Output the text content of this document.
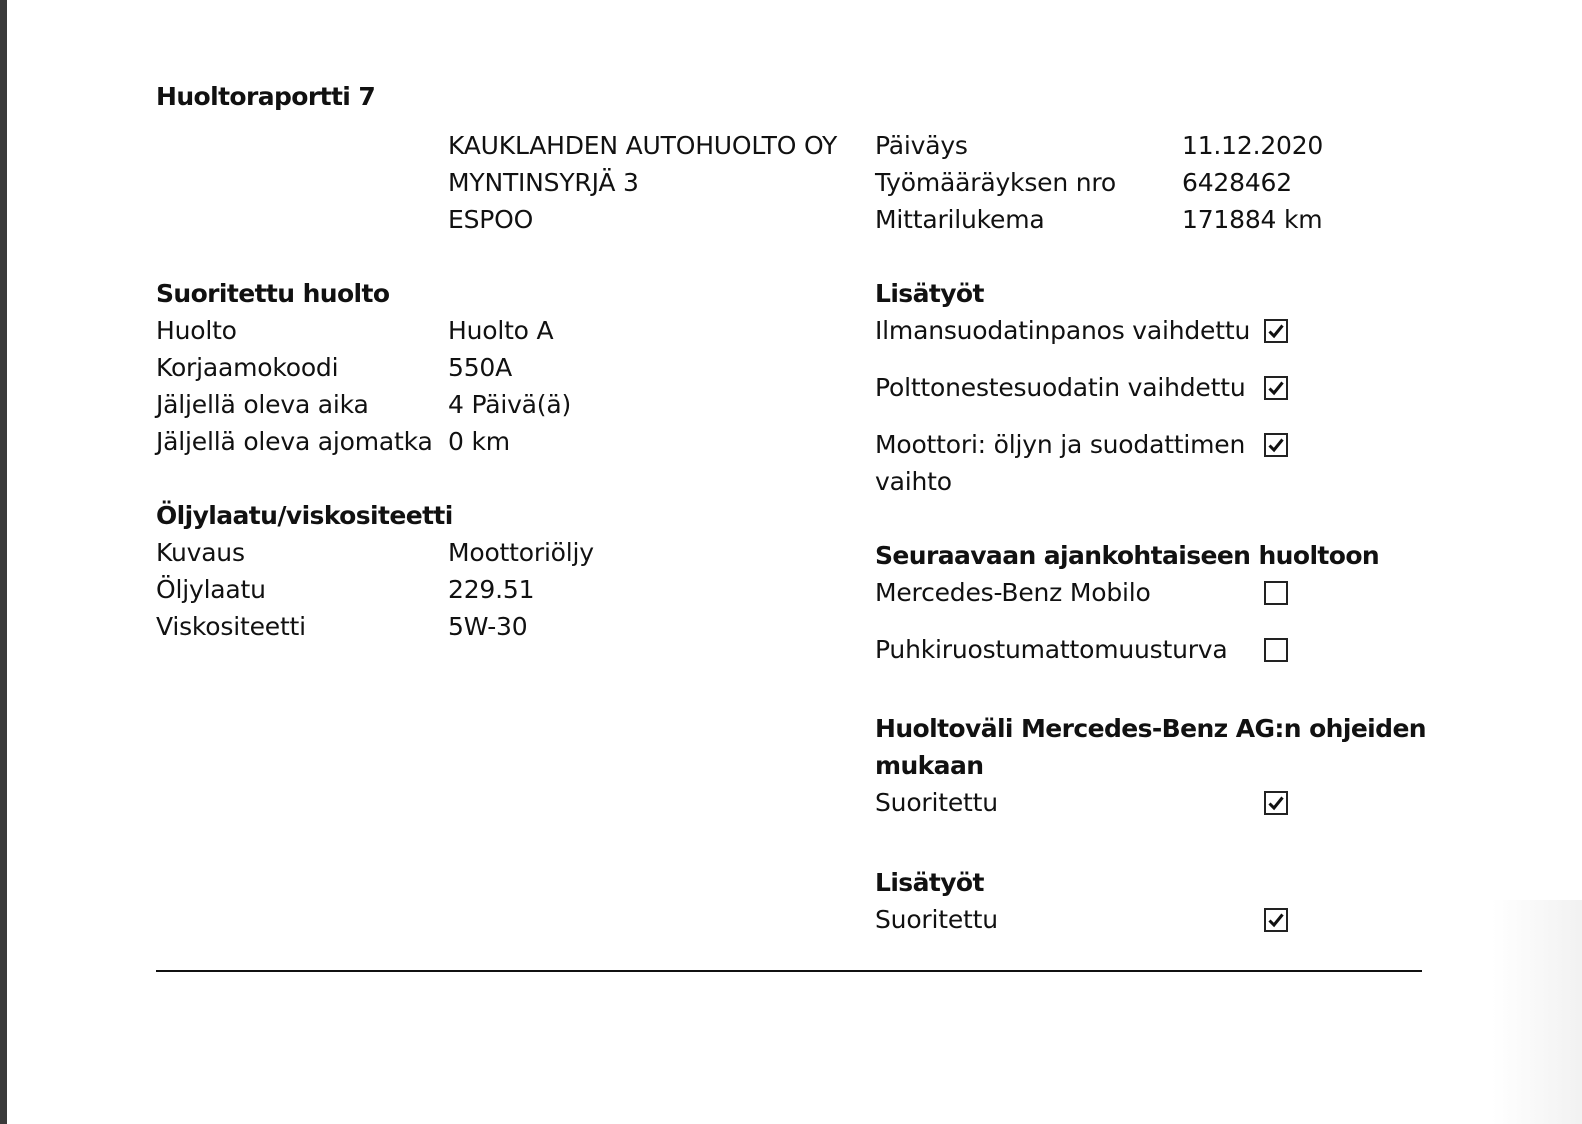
Huoltoraportti 7
KAUKLAHDEN AUTOHUOLTO OY
MYNTINSYRJÄ 3
ESPOO
Päiväys	11.12.2020
Työmääräyksen nro	6428462
Mittarilukema	171884 km
Suoritettu huolto
Huolto	Huolto A
Korjaamokoodi	550A
Jäljellä oleva aika	4 Päivä(ä)
Jäljellä oleva ajomatka 0 km
Öljylaatu/viskositeetti
Kuvaus	Moottoriöljy
Öljylaatu	229.51
Viskositeetti	5W-30
Lisätyöt
Ilmansuodatinpanos vaihdettu
Polttonestesuodatin vaihdettu
Moottori: öljyn ja suodattimen
vaihto
Seuraavaan ajankohtaiseen huoltoon
Mercedes-Benz Mobilo
Puhkiruostumattomuusturva
Huoltoväli Mercedes-Benz AG:n ohjeiden
mukaan
Suoritettu
Lisätyöt
Suoritettu
